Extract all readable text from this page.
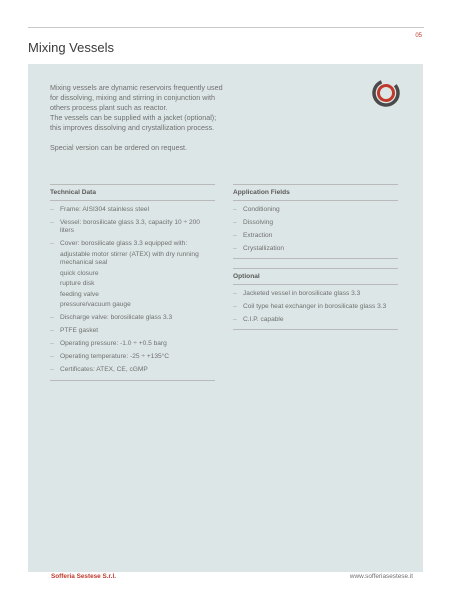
Mixing Vessels
05

Mixing vessels are dynamic reservoirs frequently used for dissolving, mixing and stirring in conjunction with others process plant such as reactor.

The vessels can be supplied with a jacket (optional); this improves dissolving and crystallization process.

Special version can be ordered on request.

Technical Data
– Frame: AISI304 stainless steel
– Vessel: borosilicate glass 3.3, capacity 10 ÷ 200 liters
– Cover: borosilicate glass 3.3 equipped with:
adjustable motor stirrer (ATEX) with dry running mechanical seal
quick closure
rupture disk
feeding valve
pressure/vacuum gauge
– Discharge valve: borosilicate glass 3.3
– PTFE gasket
– Operating pressure: -1.0 ÷ +0.5 barg
– Operating temperature: -25 ÷ +135°C
– Certificates: ATEX, CE, cGMP
Application Fields
– Conditioning
– Dissolving
– Extraction
– Crystallization
Optional
– Jacketed vessel in borosilicate glass 3.3
– Coil type heat exchanger in borosilicate glass 3.3
– C.I.P. capable
Sofferia Sestese S.r.l.	www.sofferiasestese.it
